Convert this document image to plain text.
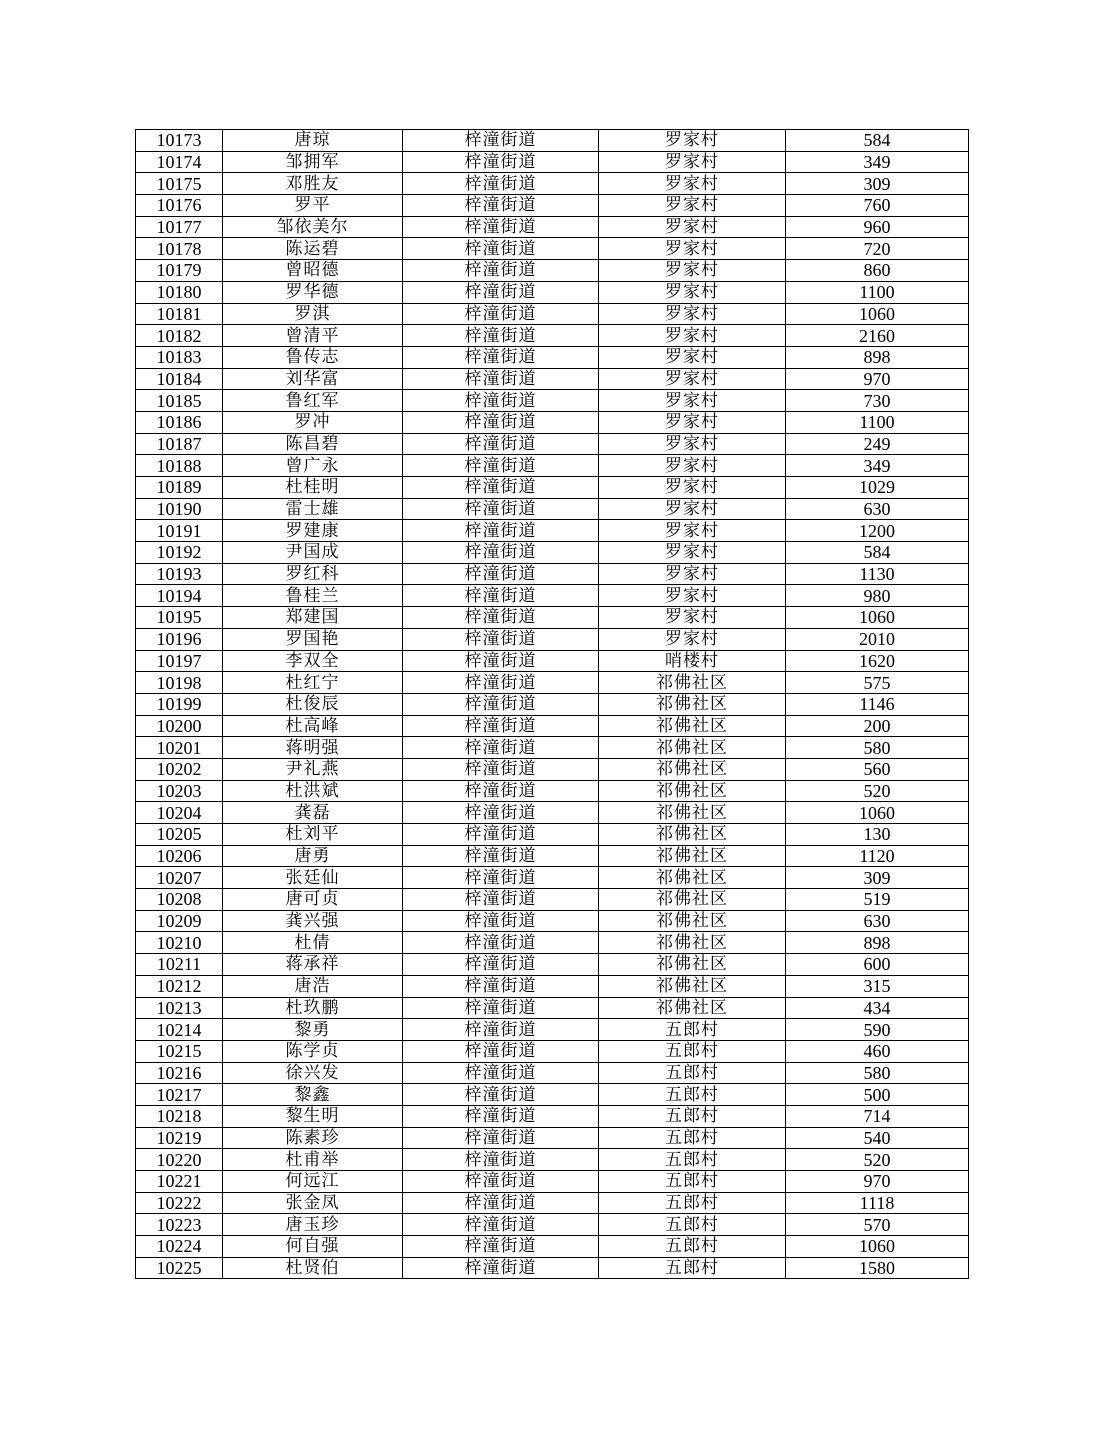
10173	唐琼	梓潼街道	罗家村	584
10174	邹拥军	梓潼街道	罗家村	349
10175	邓胜友	梓潼街道	罗家村	309
10176	罗平	梓潼街道	罗家村	760
10177	邹依美尔	梓潼街道	罗家村	960
10178	陈运碧	梓潼街道	罗家村	720
10179	曾昭德	梓潼街道	罗家村	860
10180	罗华德	梓潼街道	罗家村	1100
10181	罗淇	梓潼街道	罗家村	1060
10182	曾清平	梓潼街道	罗家村	2160
10183	鲁传志	梓潼街道	罗家村	898
10184	刘华富	梓潼街道	罗家村	970
10185	鲁红军	梓潼街道	罗家村	730
10186	罗冲	梓潼街道	罗家村	1100
10187	陈昌碧	梓潼街道	罗家村	249
10188	曾广永	梓潼街道	罗家村	349
10189	杜桂明	梓潼街道	罗家村	1029
10190	雷士雄	梓潼街道	罗家村	630
10191	罗建康	梓潼街道	罗家村	1200
10192	尹国成	梓潼街道	罗家村	584
10193	罗红科	梓潼街道	罗家村	1130
10194	鲁桂兰	梓潼街道	罗家村	980
10195	郑建国	梓潼街道	罗家村	1060
10196	罗国艳	梓潼街道	罗家村	2010
10197	李双全	梓潼街道	哨楼村	1620
10198	杜红宁	梓潼街道	祁佛社区	575
10199	杜俊辰	梓潼街道	祁佛社区	1146
10200	杜高峰	梓潼街道	祁佛社区	200
10201	蒋明强	梓潼街道	祁佛社区	580
10202	尹礼燕	梓潼街道	祁佛社区	560
10203	杜洪斌	梓潼街道	祁佛社区	520
10204	龚磊	梓潼街道	祁佛社区	1060
10205	杜刘平	梓潼街道	祁佛社区	130
10206	唐勇	梓潼街道	祁佛社区	1120
10207	张廷仙	梓潼街道	祁佛社区	309
10208	唐可贞	梓潼街道	祁佛社区	519
10209	龚兴强	梓潼街道	祁佛社区	630
10210	杜倩	梓潼街道	祁佛社区	898
10211	蒋承祥	梓潼街道	祁佛社区	600
10212	唐浩	梓潼街道	祁佛社区	315
10213	杜玖鹏	梓潼街道	祁佛社区	434
10214	黎勇	梓潼街道	五郎村	590
10215	陈学贞	梓潼街道	五郎村	460
10216	徐兴发	梓潼街道	五郎村	580
10217	黎鑫	梓潼街道	五郎村	500
10218	黎生明	梓潼街道	五郎村	714
10219	陈素珍	梓潼街道	五郎村	540
10220	杜甫举	梓潼街道	五郎村	520
10221	何远江	梓潼街道	五郎村	970
10222	张金凤	梓潼街道	五郎村	1118
10223	唐玉珍	梓潼街道	五郎村	570
10224	何自强	梓潼街道	五郎村	1060
10225	杜贤伯	梓潼街道	五郎村	1580
